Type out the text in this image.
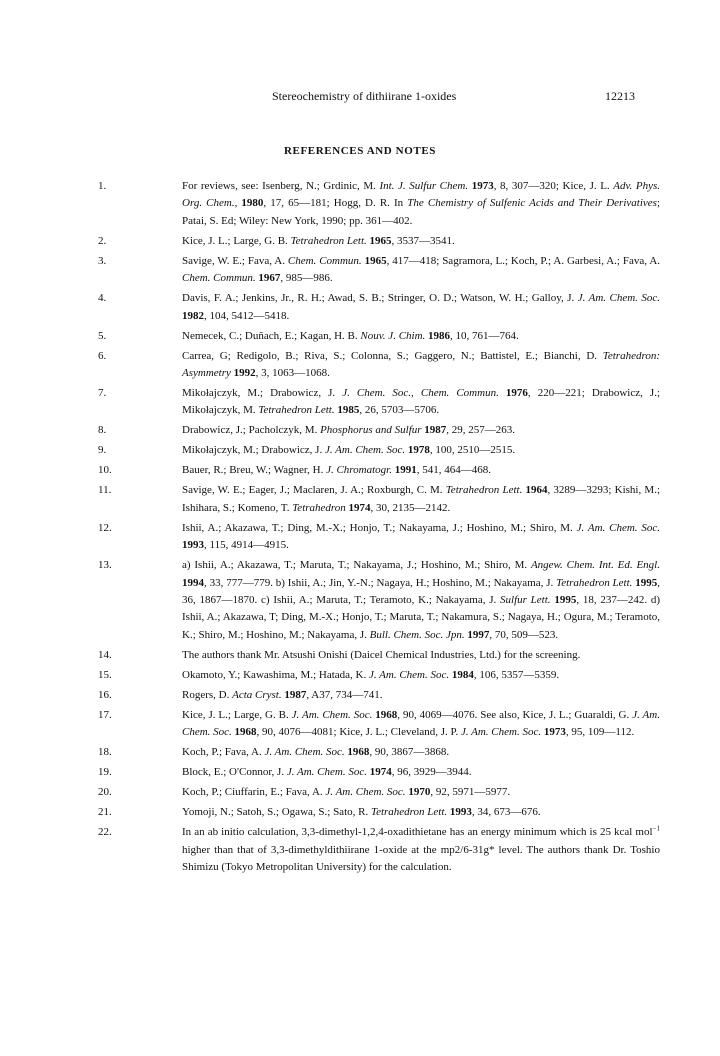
Stereochemistry of dithiirane 1-oxides	12213
REFERENCES AND NOTES
1.	For reviews, see: Isenberg, N.; Grdinic, M. Int. J. Sulfur Chem. 1973, 8, 307—320; Kice, J. L. Adv. Phys. Org. Chem., 1980, 17, 65—181; Hogg, D. R. In The Chemistry of Sulfenic Acids and Their Derivatives; Patai, S. Ed; Wiley: New York, 1990; pp. 361—402.
2.	Kice, J. L.; Large, G. B. Tetrahedron Lett. 1965, 3537—3541.
3.	Savige, W. E.; Fava, A. Chem. Commun. 1965, 417—418; Sagramora, L.; Koch, P.; A. Garbesi, A.; Fava, A. Chem. Commun. 1967, 985—986.
4.	Davis, F. A.; Jenkins, Jr., R. H.; Awad, S. B.; Stringer, O. D.; Watson, W. H.; Galloy, J. J. Am. Chem. Soc. 1982, 104, 5412—5418.
5.	Nemecek, C.; Duñach, E.; Kagan, H. B. Nouv. J. Chim. 1986, 10, 761—764.
6.	Carrea, G; Redigolo, B.; Riva, S.; Colonna, S.; Gaggero, N.; Battistel, E.; Bianchi, D. Tetrahedron: Asymmetry 1992, 3, 1063—1068.
7.	Mikołajczyk, M.; Drabowicz, J. J. Chem. Soc., Chem. Commun. 1976, 220—221; Drabowicz, J.; Mikołajczyk, M. Tetrahedron Lett. 1985, 26, 5703—5706.
8.	Drabowicz, J.; Pacholczyk, M. Phosphorus and Sulfur 1987, 29, 257—263.
9.	Mikołajczyk, M.; Drabowicz, J. J. Am. Chem. Soc. 1978, 100, 2510—2515.
10.	Bauer, R.; Breu, W.; Wagner, H. J. Chromatogr. 1991, 541, 464—468.
11.	Savige, W. E.; Eager, J.; Maclaren, J. A.; Roxburgh, C. M. Tetrahedron Lett. 1964, 3289—3293; Kishi, M.; Ishihara, S.; Komeno, T. Tetrahedron 1974, 30, 2135—2142.
12.	Ishii, A.; Akazawa, T.; Ding, M.-X.; Honjo, T.; Nakayama, J.; Hoshino, M.; Shiro, M. J. Am. Chem. Soc. 1993, 115, 4914—4915.
13.	a) Ishii, A.; Akazawa, T.; Maruta, T.; Nakayama, J.; Hoshino, M.; Shiro, M. Angew. Chem. Int. Ed. Engl. 1994, 33, 777—779. b) Ishii, A.; Jin, Y.-N.; Nagaya, H.; Hoshino, M.; Nakayama, J. Tetrahedron Lett. 1995, 36, 1867—1870. c) Ishii, A.; Maruta, T.; Teramoto, K.; Nakayama, J. Sulfur Lett. 1995, 18, 237—242. d) Ishii, A.; Akazawa, T; Ding, M.-X.; Honjo, T.; Maruta, T.; Nakamura, S.; Nagaya, H.; Ogura, M.; Teramoto, K.; Shiro, M.; Hoshino, M.; Nakayama, J. Bull. Chem. Soc. Jpn. 1997, 70, 509—523.
14.	The authors thank Mr. Atsushi Onishi (Daicel Chemical Industries, Ltd.) for the screening.
15.	Okamoto, Y.; Kawashima, M.; Hatada, K. J. Am. Chem. Soc. 1984, 106, 5357—5359.
16.	Rogers, D. Acta Cryst. 1987, A37, 734—741.
17.	Kice, J. L.; Large, G. B. J. Am. Chem. Soc. 1968, 90, 4069—4076. See also, Kice, J. L.; Guaraldi, G. J. Am. Chem. Soc. 1968, 90, 4076—4081; Kice, J. L.; Cleveland, J. P. J. Am. Chem. Soc. 1973, 95, 109—112.
18.	Koch, P.; Fava, A. J. Am. Chem. Soc. 1968, 90, 3867—3868.
19.	Block, E.; O'Connor, J. J. Am. Chem. Soc. 1974, 96, 3929—3944.
20.	Koch, P.; Ciuffarin, E.; Fava, A. J. Am. Chem. Soc. 1970, 92, 5971—5977.
21.	Yomoji, N.; Satoh, S.; Ogawa, S.; Sato, R. Tetrahedron Lett. 1993, 34, 673—676.
22.	In an ab initio calculation, 3,3-dimethyl-1,2,4-oxadithietane has an energy minimum which is 25 kcal mol$^{-1}$ higher than that of 3,3-dimethyldithiirane 1-oxide at the mp2/6-31g* level. The authors thank Dr. Toshio Shimizu (Tokyo Metropolitan University) for the calculation.
